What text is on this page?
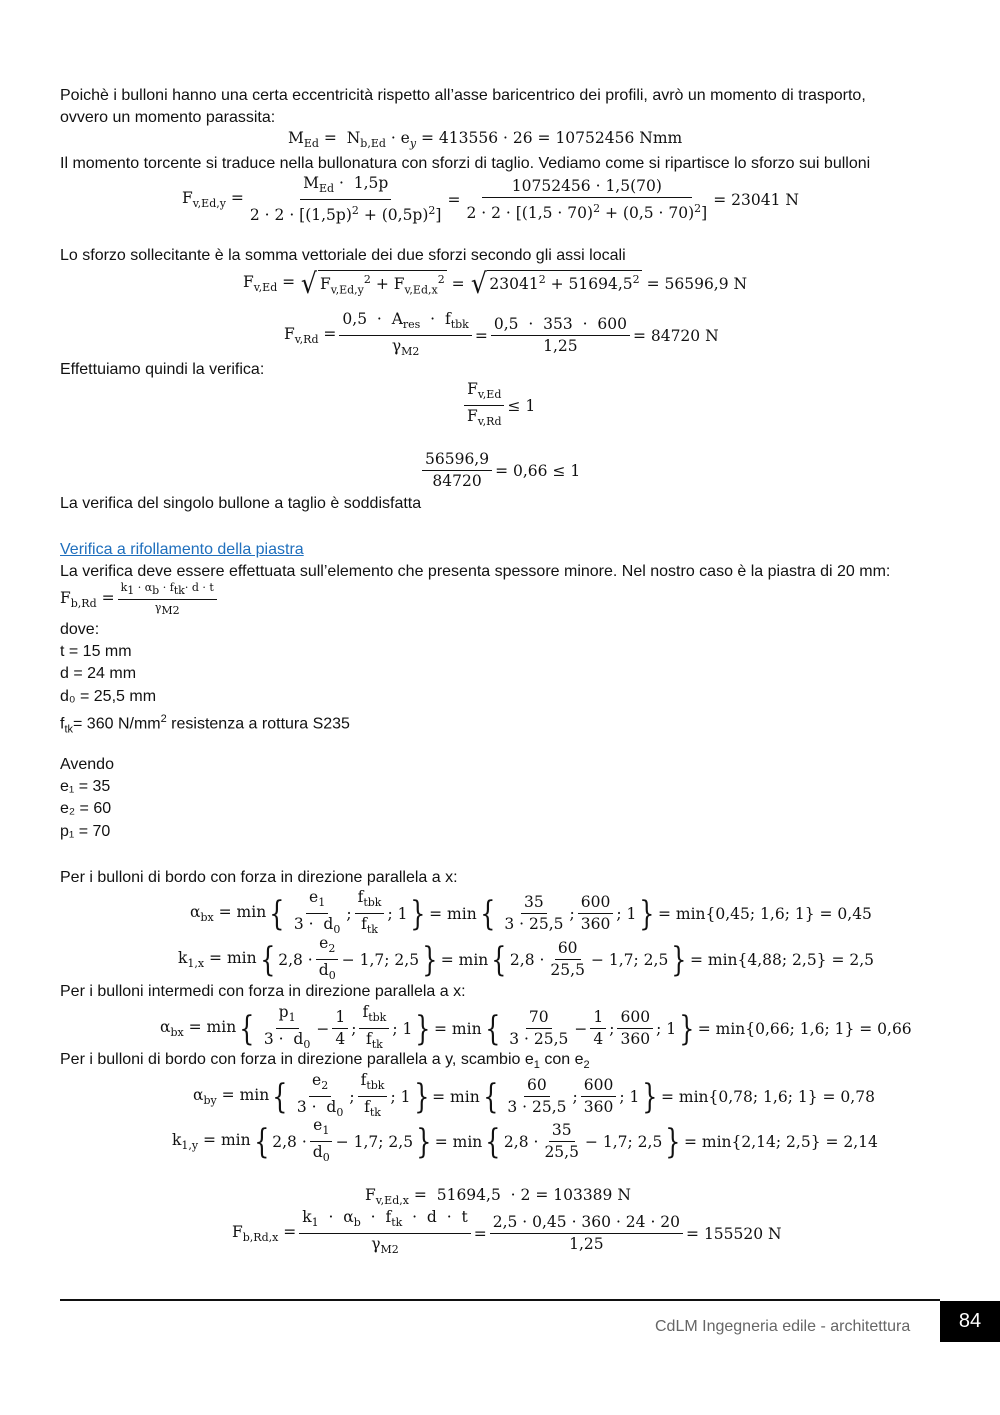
Poichè i bulloni hanno una certa eccentricità rispetto all’asse baricentrico dei profili, avrò un momento di trasporto,
ovvero un momento parassita:
$M_{Ed} = N_{b,Ed} \cdot e_y = 413556 \cdot 26 = 10752456$ Nmm
Il momento torcente si traduce nella bullonatura con sforzi di taglio. Vediamo come si ripartisce lo sforzo sui bulloni
$F_{v,Ed,y} = \frac{M_{Ed} \cdot 1,5p}{2 \cdot 2 \cdot [(1,5p)^2 + (0,5p)^2]} = \frac{10752456 \cdot 1,5(70)}{2 \cdot 2 \cdot [(1,5 \cdot 70)^2 + (0,5 \cdot 70)^2]} = 23041$ N
Lo sforzo sollecitante è la somma vettoriale dei due sforzi secondo gli assi locali
$F_{v,Ed}$ = √ $F_{v,Ed,y}^2 + F_{v,Ed,x}^2$ = √ $23041^2 + 51694,5^2 = 56596,9$ N
$F_{v,Rd} = \frac{0,5 \cdot A_{res} \cdot f_{tbk}}{\gamma_{M2}} = \frac{0,5 \cdot 353 \cdot 600}{1,25} = 84720$ N
Effettuiamo quindi la verifica:
$\frac{F_{v,Ed}}{F_{v,Rd}} \le 1$
$\frac{56596,9}{84720} = 0,66 \le 1$
La verifica del singolo bullone a taglio è soddisfatta
Verifica a rifollamento della piastra
La verifica deve essere effettuata sull’elemento che presenta spessore minore. Nel nostro caso è la piastra di 20 mm:
$F_{b,Rd} = \frac{k_1 \cdot \alpha_b \cdot f_{tk}\cdot d \cdot t}{\gamma_{M2}}$
dove:
t = 15 mm
d = 24 mm
d₀ = 25,5 mm
$f_{tk}= 360$ $N/mm^2$ resistenza a rottura S235
Avendo
e₁ = 35
e₂ = 60
p₁ = 70
Per i bulloni di bordo con forza in direzione parallela a x:
$\alpha_{bx} = \min$ { $\frac{e_1}{3 \cdot d_0}$ ; $\frac{f_{tbk}}{f_{tk}}$ ; 1 } = min { $\frac{35}{3 \cdot 25,5}$ ; $\frac{600}{360}$ ; 1 } = min{0,45; 1,6; 1} = 0,45
$k_{1,x} = \min$ { $2,8 \cdot \frac{e_2}{d_0} - 1,7$; 2,5 } = min { $2,8 \cdot \frac{60}{25,5} - 1,7$; 2,5 } = min{4,88; 2,5} = 2,5
Per i bulloni intermedi con forza in direzione parallela a x:
$\alpha_{bx} = \min$ { $\frac{p_1}{3 \cdot d_0} - \frac{1}{4}$ ; $\frac{f_{tbk}}{f_{tk}}$ ; 1 } = min { $\frac{70}{3 \cdot 25,5} - \frac{1}{4}$ ; $\frac{600}{360}$ ; 1 } = min{0,66; 1,6; 1} = 0,66
Per i bulloni di bordo con forza in direzione parallela a y, scambio $e_1$ con $e_2$
$\alpha_{by} = \min$ { $\frac{e_2}{3 \cdot d_0}$ ; $\frac{f_{tbk}}{f_{tk}}$ ; 1 } = min { $\frac{60}{3 \cdot 25,5}$ ; $\frac{600}{360}$ ; 1 } = min{0,78; 1,6; 1} = 0,78
$k_{1,y} = \min$ { $2,8 \cdot \frac{e_1}{d_0} - 1,7$; 2,5 } = min { $2,8 \cdot \frac{35}{25,5} - 1,7$; 2,5 } = min{2,14; 2,5} = 2,14
$F_{v,Ed,x} = 51694,5 \cdot 2 = 103389$ N
$F_{b,Rd,x} = \frac{k_1 \cdot \alpha_b \cdot f_{tk} \cdot d \cdot t}{\gamma_{M2}} = \frac{2,5 \cdot 0,45 \cdot 360 \cdot 24 \cdot 20}{1,25} = 155520$ N
CdLM Ingegneria edile - architettura	84
